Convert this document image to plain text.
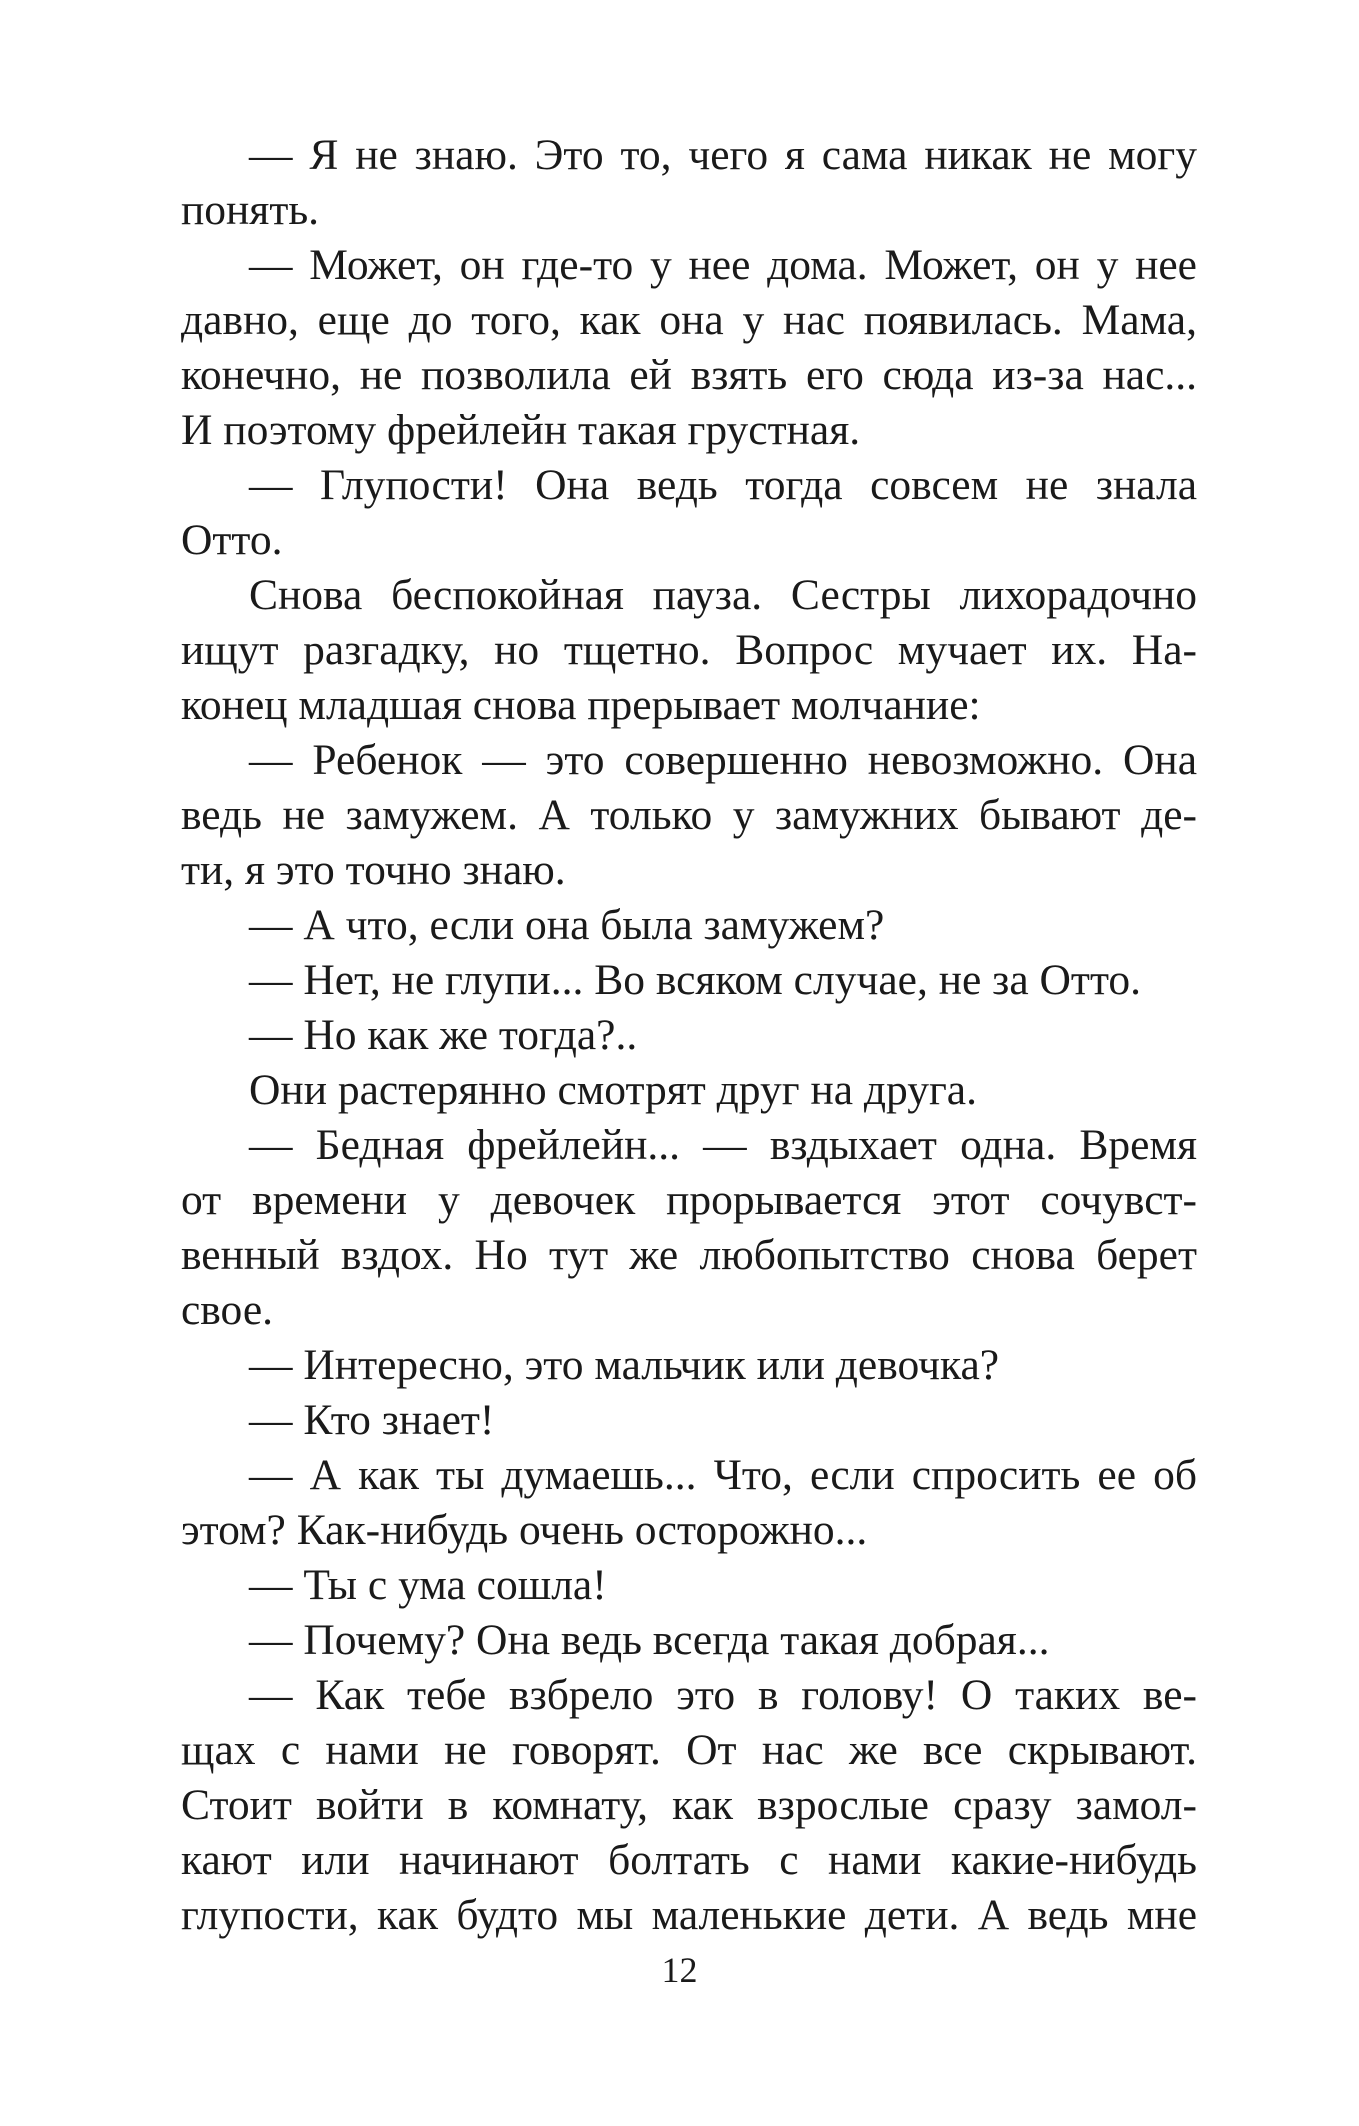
— Я не знаю. Это то, чего я сама никак не могу
понять.
— Может, он где-то у нее дома. Может, он у нее
давно, еще до того, как она у нас появилась. Мама,
конечно, не позволила ей взять его сюда из-за нас...
И поэтому фрейлейн такая грустная.
— Глупости! Она ведь тогда совсем не знала
Отто.
Снова беспокойная пауза. Сестры лихорадочно
ищут разгадку, но тщетно. Вопрос мучает их. На-
конец младшая снова прерывает молчание:
— Ребенок — это совершенно невозможно. Она
ведь не замужем. А только у замужних бывают де-
ти, я это точно знаю.
— А что, если она была замужем?
— Нет, не глупи... Во всяком случае, не за Отто.
— Но как же тогда?..
Они растерянно смотрят друг на друга.
— Бедная фрейлейн... — вздыхает одна. Время
от времени у девочек прорывается этот сочувст-
венный вздох. Но тут же любопытство снова берет
свое.
— Интересно, это мальчик или девочка?
— Кто знает!
— А как ты думаешь... Что, если спросить ее об
этом? Как-нибудь очень осторожно...
— Ты с ума сошла!
— Почему? Она ведь всегда такая добрая...
— Как тебе взбрело это в голову! О таких ве-
щах с нами не говорят. От нас же все скрывают.
Стоит войти в комнату, как взрослые сразу замол-
кают или начинают болтать с нами какие-нибудь
глупости, как будто мы маленькие дети. А ведь мне
12
